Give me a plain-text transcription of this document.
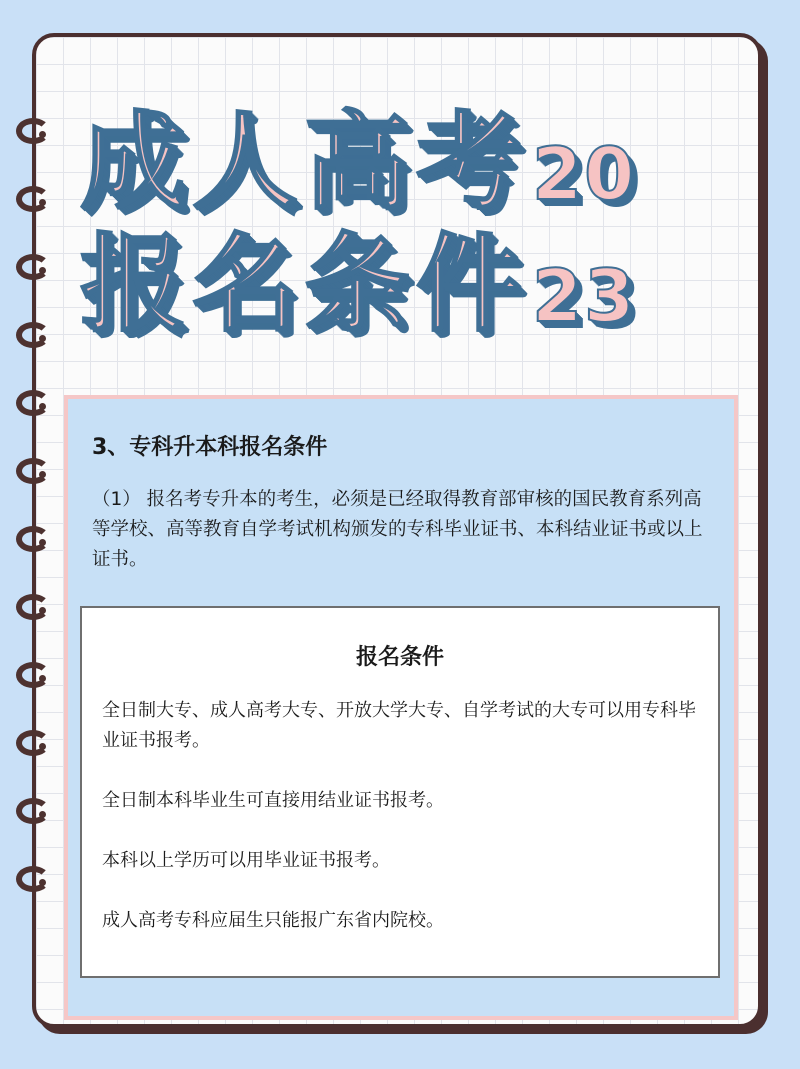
成人高考20
报名条件23
3、专科升本科报名条件
（1） 报名考专升本的考生，必须是已经取得教育部审核的国民教育系列高等学校、高等教育自学考试机构颁发的专科毕业证书、本科结业证书或以上证书。
报名条件
全日制大专、成人高考大专、开放大学大专、自学考试的大专可以用专科毕业证书报考。
全日制本科毕业生可直接用结业证书报考。
本科以上学历可以用毕业证书报考。
成人高考专科应届生只能报广东省内院校。
